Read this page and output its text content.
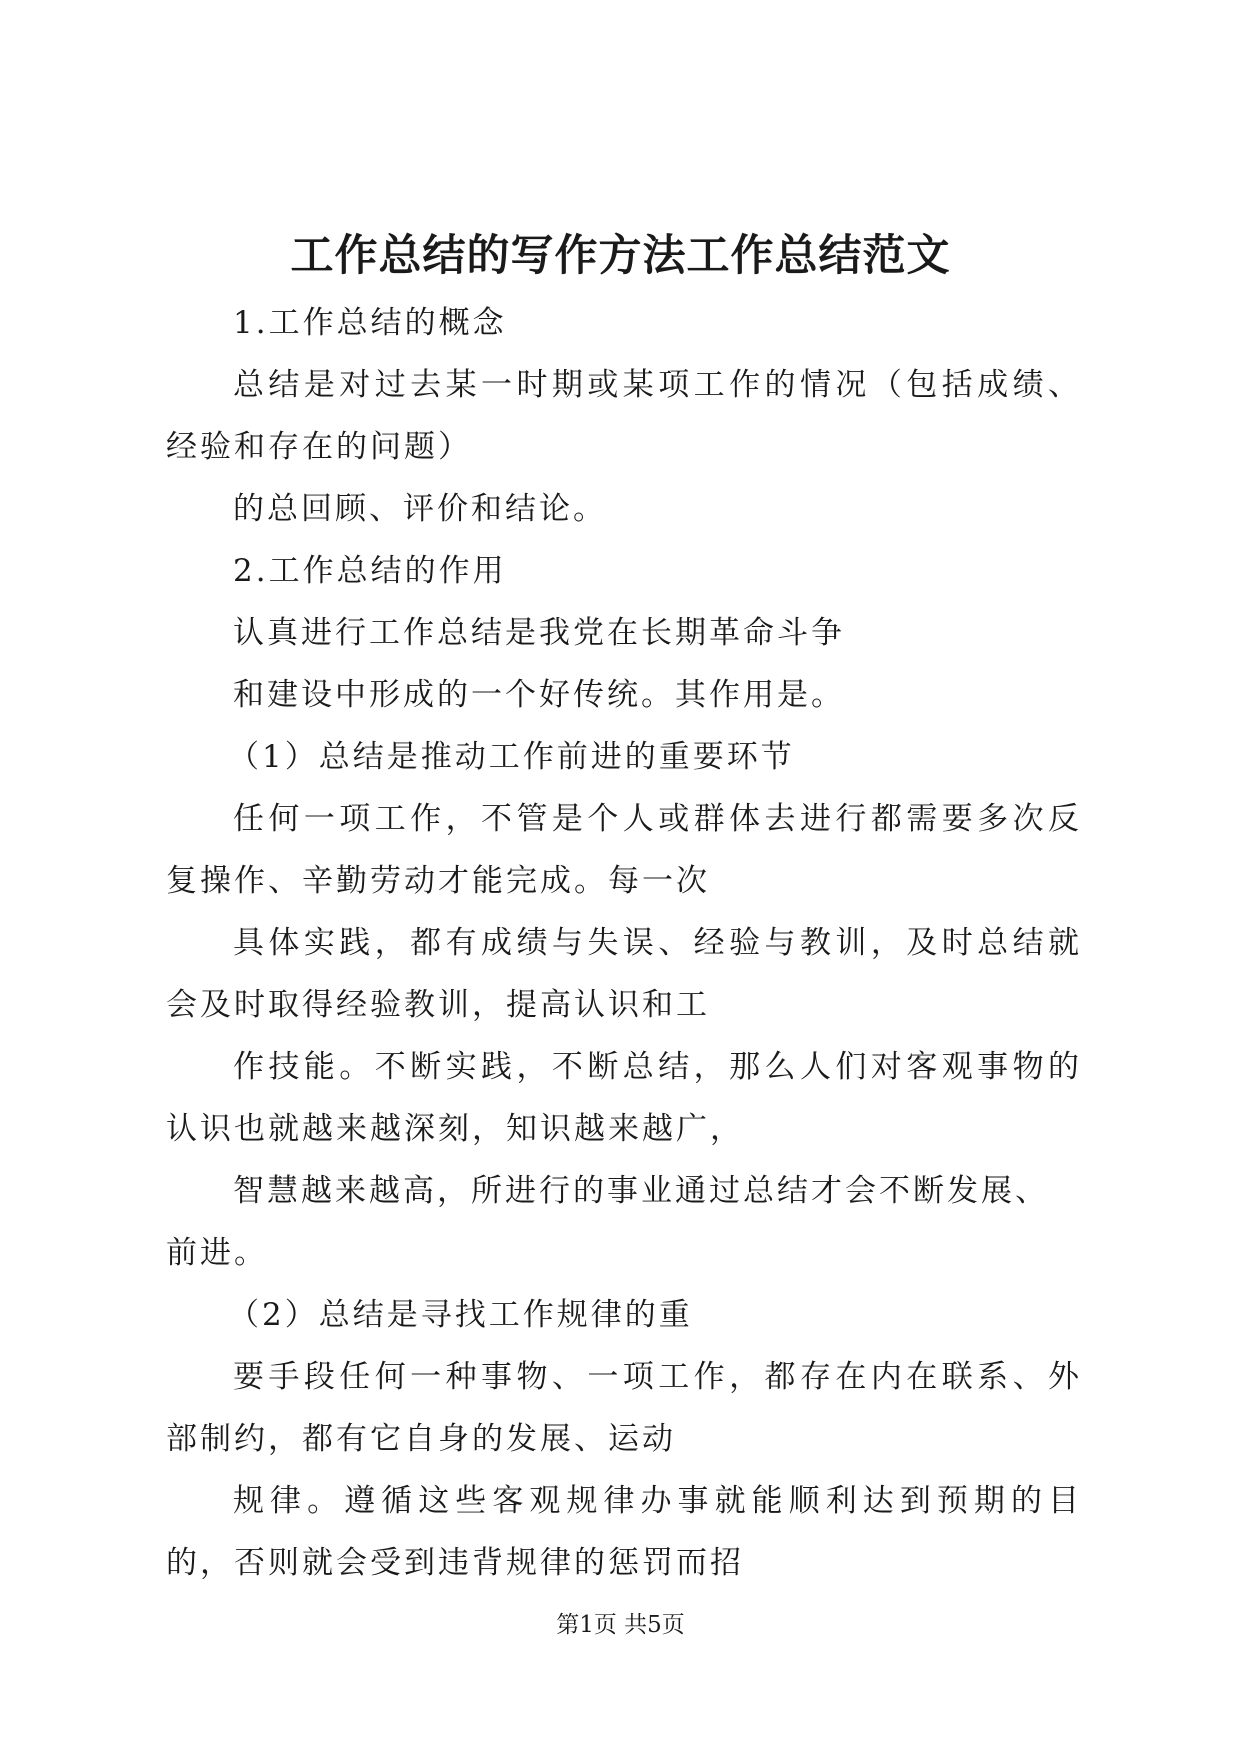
工作总结的写作方法工作总结范文

1.工作总结的概念

总结是对过去某一时期或某项工作的情况（包括成绩、经验和存在的问题）

的总回顾、评价和结论。

2.工作总结的作用

认真进行工作总结是我党在长期革命斗争

和建设中形成的一个好传统。其作用是。

（1）总结是推动工作前进的重要环节

任何一项工作，不管是个人或群体去进行都需要多次反复操作、辛勤劳动才能完成。每一次

具体实践，都有成绩与失误、经验与教训，及时总结就会及时取得经验教训，提高认识和工

作技能。不断实践，不断总结，那么人们对客观事物的认识也就越来越深刻，知识越来越广，

智慧越来越高，所进行的事业通过总结才会不断发展、前进。

（2）总结是寻找工作规律的重

要手段任何一种事物、一项工作，都存在内在联系、外部制约，都有它自身的发展、运动

规律。遵循这些客观规律办事就能顺利达到预期的目的，否则就会受到违背规律的惩罚而招

第1页 共5页
